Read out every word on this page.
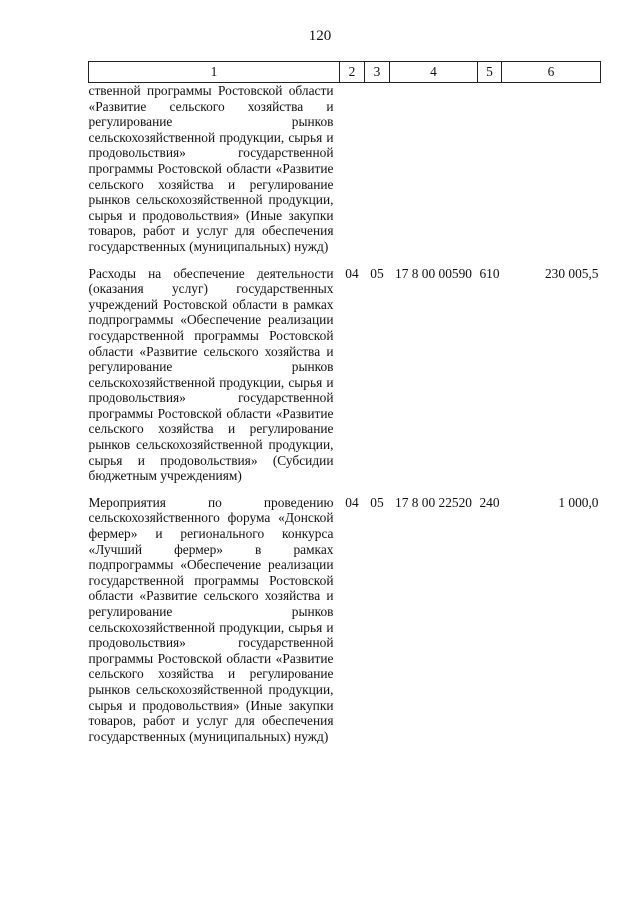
120
1	2	3	4	5	6
ственной программы Ростовской области «Развитие сельского хозяйства и регулирование рынков сельскохозяйственной продукции, сырья и продовольствия» государственной программы Ростовской области «Развитие сельского хозяйства и регулирование рынков сельскохозяйственной продукции, сырья и продовольствия» (Иные закупки товаров, работ и услуг для обеспечения государственных (муниципальных) нужд)					

Расходы на обеспечение деятельности (оказания услуг) государственных учреждений Ростовской области в рамках подпрограммы «Обеспечение реализации государственной программы Ростовской области «Развитие сельского хозяйства и регулирование рынков сельскохозяйственной продукции, сырья и продовольствия» государственной программы Ростовской области «Развитие сельского хозяйства и регулирование рынков сельскохозяйственной продукции, сырья и продовольствия» (Субсидии бюджетным учреждениям)	04	05	17 8 00 00590	610	230 005,5

Мероприятия по проведению сельскохозяйственного форума «Донской фермер» и регионального конкурса «Лучший фермер» в рамках подпрограммы «Обеспечение реализации государственной программы Ростовской области «Развитие сельского хозяйства и регулирование рынков сельскохозяйственной продукции, сырья и продовольствия» государственной программы Ростовской области «Развитие сельского хозяйства и регулирование рынков сельскохозяйственной продукции, сырья и продовольствия» (Иные закупки товаров, работ и услуг для обеспечения государственных (муниципальных) нужд)	04	05	17 8 00 22520	240	1 000,0
